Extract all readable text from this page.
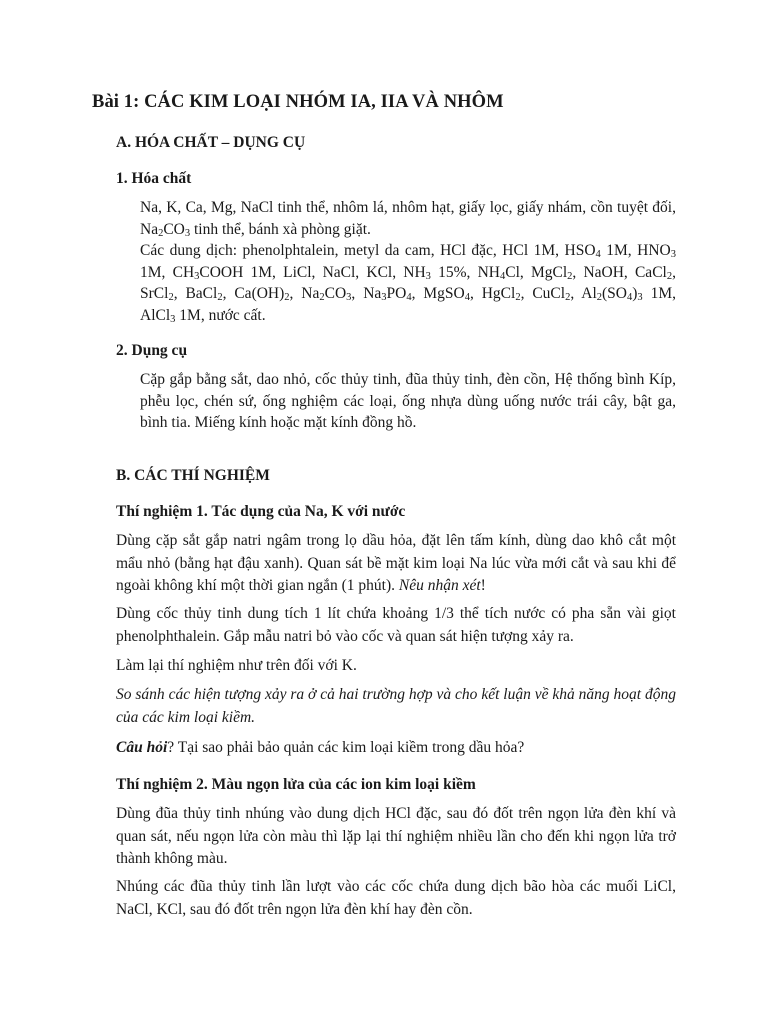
Bài 1: CÁC KIM LOẠI NHÓM IA, IIA VÀ NHÔM
A. HÓA CHẤT – DỤNG CỤ
1. Hóa chất

Na, K, Ca, Mg, NaCl tinh thể, nhôm lá, nhôm hạt, giấy lọc, giấy nhám, cồn tuyệt đối, Na2CO3 tinh thể, bánh xà phòng giặt.

Các dung dịch: phenolphtalein, metyl da cam, HCl đặc, HCl 1M, HSO4 1M, HNO3 1M, CH3COOH 1M, LiCl, NaCl, KCl, NH3 15%, NH4Cl, MgCl2, NaOH, CaCl2, SrCl2, BaCl2, Ca(OH)2, Na2CO3, Na3PO4, MgSO4, HgCl2, CuCl2, Al2(SO4)3 1M, AlCl3 1M, nước cất.

2. Dụng cụ

Cặp gắp bằng sắt, dao nhỏ, cốc thủy tinh, đũa thủy tinh, đèn cồn, Hệ thống bình Kíp, phễu lọc, chén sứ, ống nghiệm các loại, ống nhựa dùng uống nước trái cây, bật ga, bình tia. Miếng kính hoặc mặt kính đồng hồ.

B. CÁC THÍ NGHIỆM
Thí nghiệm 1. Tác dụng của Na, K với nước

Dùng cặp sắt gắp natri ngâm trong lọ dầu hỏa, đặt lên tấm kính, dùng dao khô cắt một mẩu nhỏ (bằng hạt đậu xanh). Quan sát bề mặt kim loại Na lúc vừa mới cắt và sau khi để ngoài không khí một thời gian ngắn (1 phút). Nêu nhận xét!

Dùng cốc thủy tinh dung tích 1 lít chứa khoảng 1/3 thể tích nước có pha sẵn vài giọt phenolphthalein. Gắp mẫu natri bỏ vào cốc và quan sát hiện tượng xảy ra.

Làm lại thí nghiệm như trên đối với K.

So sánh các hiện tượng xảy ra ở cả hai trường hợp và cho kết luận về khả năng hoạt động của các kim loại kiềm.

Câu hỏi? Tại sao phải bảo quản các kim loại kiềm trong dầu hỏa?

Thí nghiệm 2. Màu ngọn lửa của các ion kim loại kiềm

Dùng đũa thủy tinh nhúng vào dung dịch HCl đặc, sau đó đốt trên ngọn lửa đèn khí và quan sát, nếu ngọn lửa còn màu thì lặp lại thí nghiệm nhiều lần cho đến khi ngọn lửa trở thành không màu.

Nhúng các đũa thủy tinh lần lượt vào các cốc chứa dung dịch bão hòa các muối LiCl, NaCl, KCl, sau đó đốt trên ngọn lửa đèn khí hay đèn cồn.
